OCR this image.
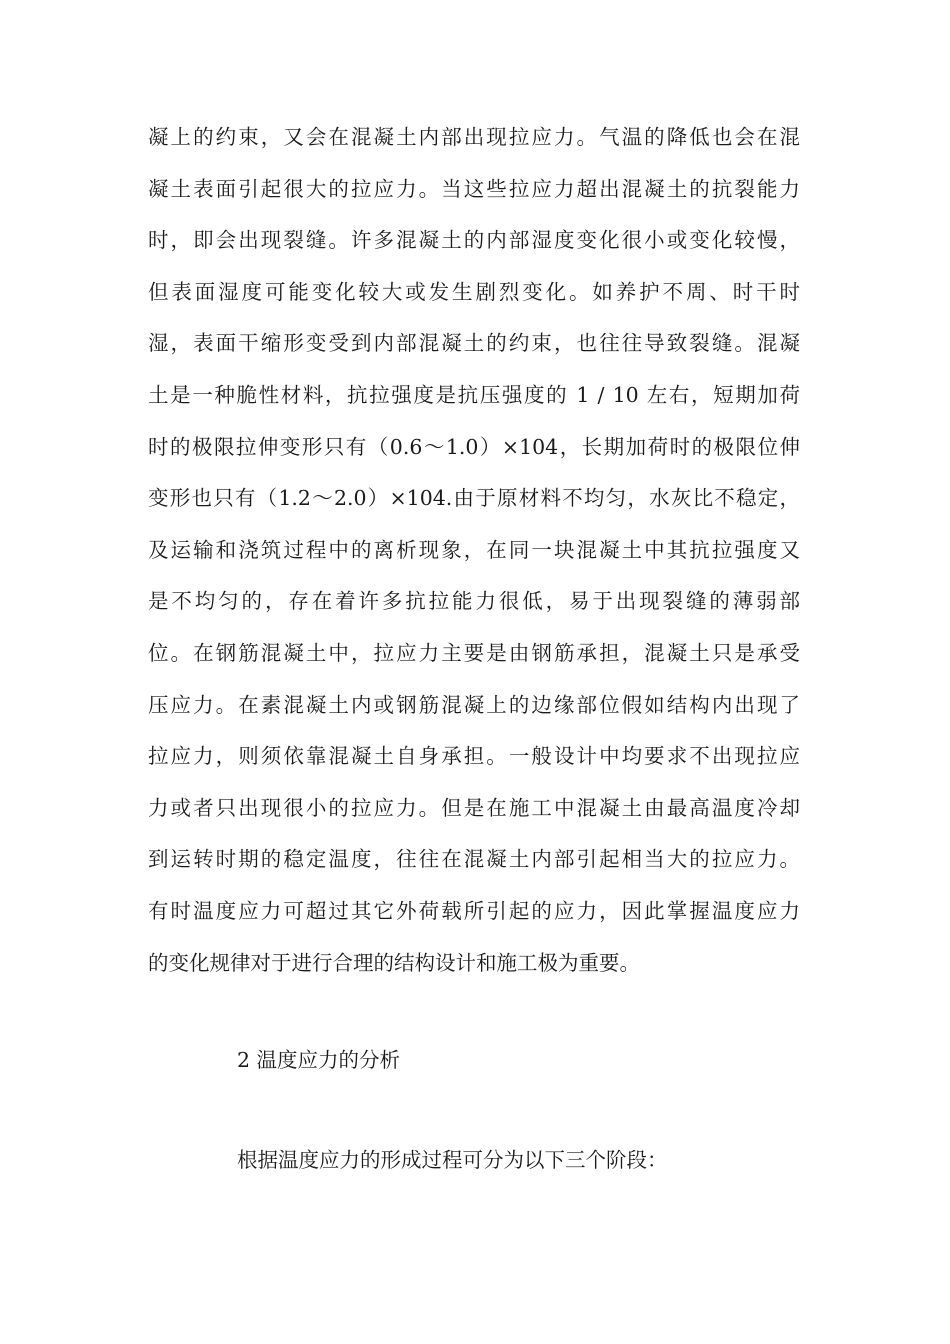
凝上的约束，又会在混凝土内部出现拉应力。气温的降低也会在混
凝土表面引起很大的拉应力。当这些拉应力超出混凝土的抗裂能力
时，即会出现裂缝。许多混凝土的内部湿度变化很小或变化较慢，
但表面湿度可能变化较大或发生剧烈变化。如养护不周、时干时
湿，表面干缩形变受到内部混凝土的约束，也往往导致裂缝。混凝
土是一种脆性材料，抗拉强度是抗压强度的 1 / 10 左右，短期加荷
时的极限拉伸变形只有（0.6～1.0）×104，长期加荷时的极限位伸
变形也只有（1.2～2.0）×104.由于原材料不均匀，水灰比不稳定，
及运输和浇筑过程中的离析现象，在同一块混凝土中其抗拉强度又
是不均匀的，存在着许多抗拉能力很低，易于出现裂缝的薄弱部
位。在钢筋混凝土中，拉应力主要是由钢筋承担，混凝土只是承受
压应力。在素混凝土内或钢筋混凝上的边缘部位假如结构内出现了
拉应力，则须依靠混凝土自身承担。一般设计中均要求不出现拉应
力或者只出现很小的拉应力。但是在施工中混凝土由最高温度冷却
到运转时期的稳定温度，往往在混凝土内部引起相当大的拉应力。
有时温度应力可超过其它外荷载所引起的应力，因此掌握温度应力
的变化规律对于进行合理的结构设计和施工极为重要。
2 温度应力的分析

根据温度应力的形成过程可分为以下三个阶段：
